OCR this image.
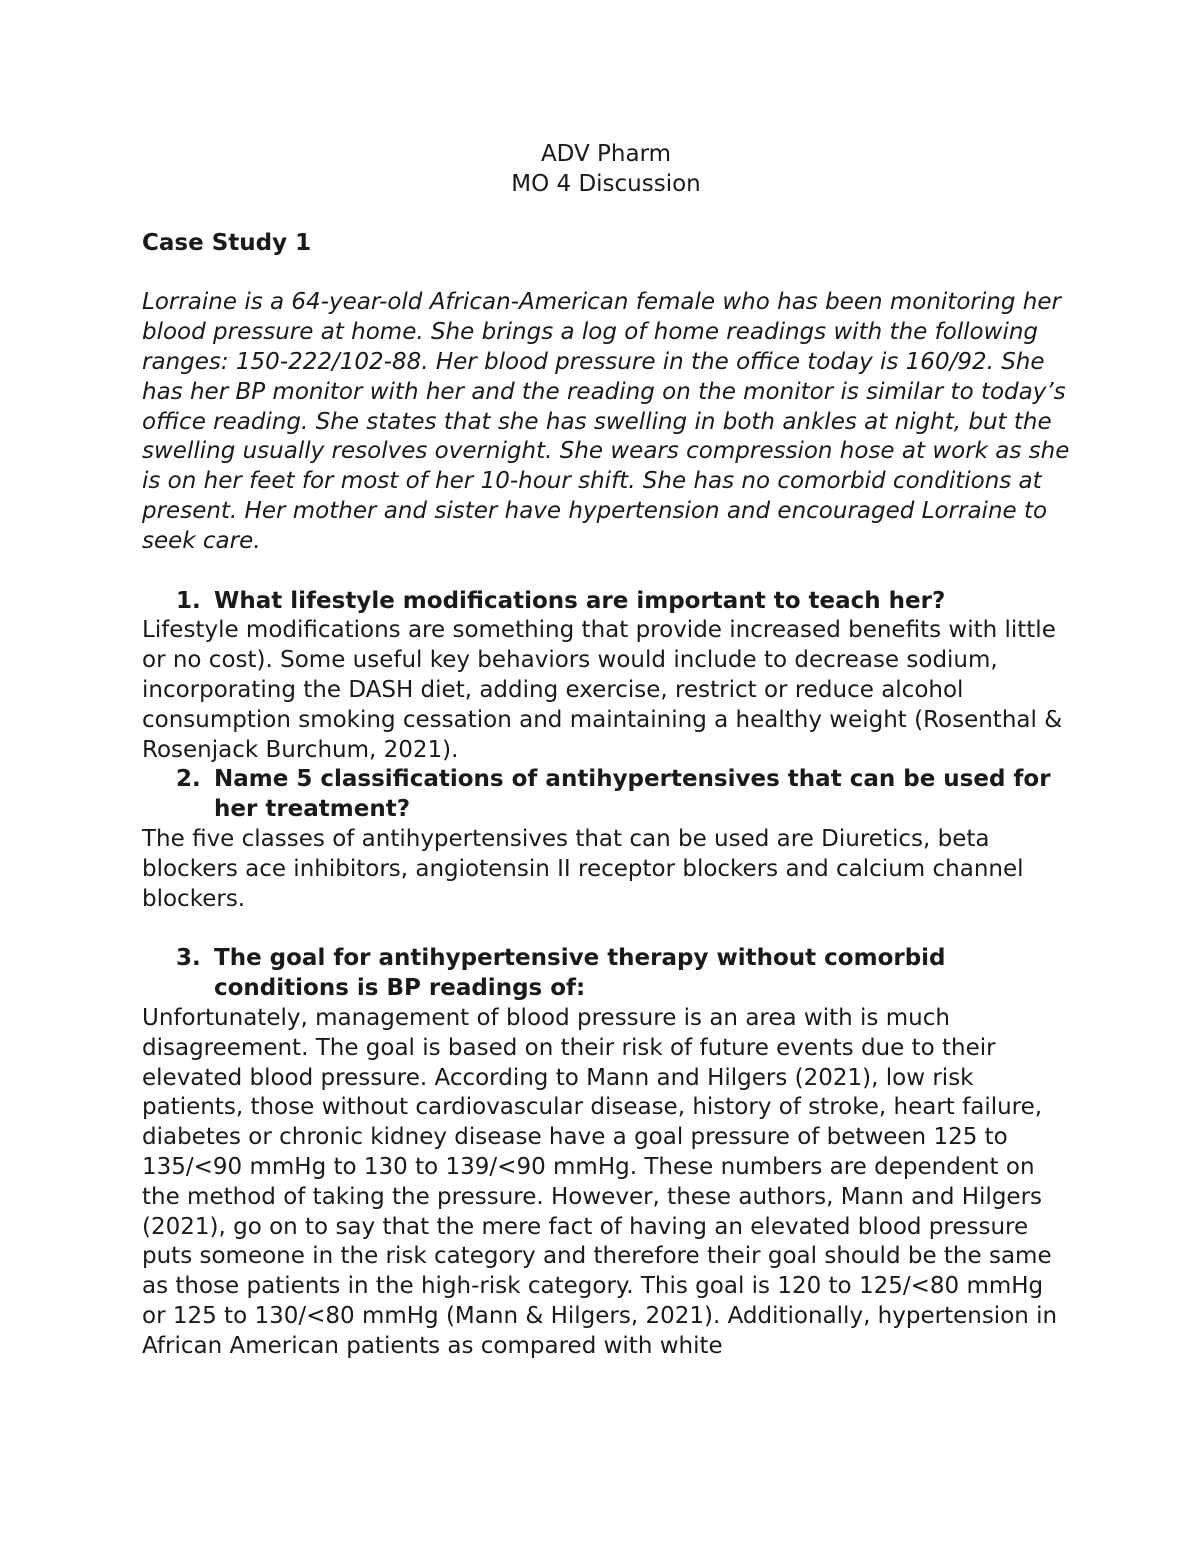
ADV Pharm
MO 4 Discussion

Case Study 1

Lorraine is a 64-year-old African-American female who has been monitoring her blood pressure at home. She brings a log of home readings with the following ranges: 150-222/102-88. Her blood pressure in the office today is 160/92. She has her BP monitor with her and the reading on the monitor is similar to today’s office reading. She states that she has swelling in both ankles at night, but the swelling usually resolves overnight. She wears compression hose at work as she is on her feet for most of her 10-hour shift. She has no comorbid conditions at present. Her mother and sister have hypertension and encouraged Lorraine to seek care.

1. What lifestyle modifications are important to teach her?

Lifestyle modifications are something that provide increased benefits with little or no cost). Some useful key behaviors would include to decrease sodium, incorporating the DASH diet, adding exercise, restrict or reduce alcohol consumption smoking cessation and maintaining a healthy weight (Rosenthal & Rosenjack Burchum, 2021).

2. Name 5 classifications of antihypertensives that can be used for her treatment?

The five classes of antihypertensives that can be used are Diuretics, beta blockers ace inhibitors, angiotensin II receptor blockers and calcium channel blockers.

3. The goal for antihypertensive therapy without comorbid conditions is BP readings of:

Unfortunately, management of blood pressure is an area with is much disagreement. The goal is based on their risk of future events due to their elevated blood pressure. According to Mann and Hilgers (2021), low risk patients, those without cardiovascular disease, history of stroke, heart failure, diabetes or chronic kidney disease have a goal pressure of between 125 to 135/<90 mmHg to 130 to 139/<90 mmHg. These numbers are dependent on the method of taking the pressure. However, these authors, Mann and Hilgers (2021), go on to say that the mere fact of having an elevated blood pressure puts someone in the risk category and therefore their goal should be the same as those patients in the high-risk category. This goal is 120 to 125/<80 mmHg or 125 to 130/<80 mmHg (Mann & Hilgers, 2021). Additionally, hypertension in African American patients as compared with white
